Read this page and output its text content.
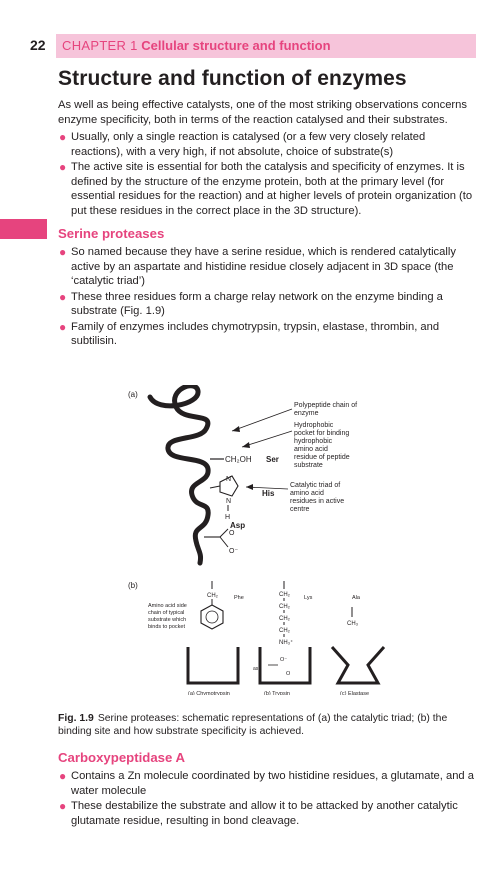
22	CHAPTER 1 Cellular structure and function
Structure and function of enzymes

As well as being effective catalysts, one of the most striking observations concerns enzyme specificity, both in terms of the reaction catalysed and their substrates.

● Usually, only a single reaction is catalysed (or a few very closely related reactions), with a very high, if not absolute, choice of substrate(s)
● The active site is essential for both the catalysis and specificity of enzymes. It is defined by the structure of the enzyme protein, both at the primary level (for essential residues for the reaction) and at higher levels of protein organization (to put these residues in the correct place in the 3D structure).
Serine proteases
● So named because they have a serine residue, which is rendered catalytically active by an aspartate and histidine residue closely adjacent in 3D space (the ‘catalytic triad’)
● These three residues form a charge relay network on the enzyme binding a substrate (Fig. 1.9)
● Family of enzymes includes chymotrypsin, trypsin, elastase, thrombin, and subtilisin.
(a)
CH₂OH Ser
N
N
H
His
Asp
O
O⁻
Polypeptide chain of enzyme
Hydrophobic pocket for binding hydrophobic amino acid residue of peptide substrate
Catalytic triad of amino acid residues in active centre
(b)
Amino acid side chain of typical substrate which binds to pocket
CH₂	Phe	CH₂
CH₂
CH₂
CH₂
NH₃⁺
Lys	Ala
CH₃
asp
O⁻
O
(a) Chymotrypsin	(b) Trypsin	(c) Elastase
Fig. 1.9 Serine proteases: schematic representations of (a) the catalytic triad; (b) the binding site and how substrate specificity is achieved.
Carboxypeptidase A
● Contains a Zn molecule coordinated by two histidine residues, a glutamate, and a water molecule
● These destabilize the substrate and allow it to be attacked by another catalytic glutamate residue, resulting in bond cleavage.
